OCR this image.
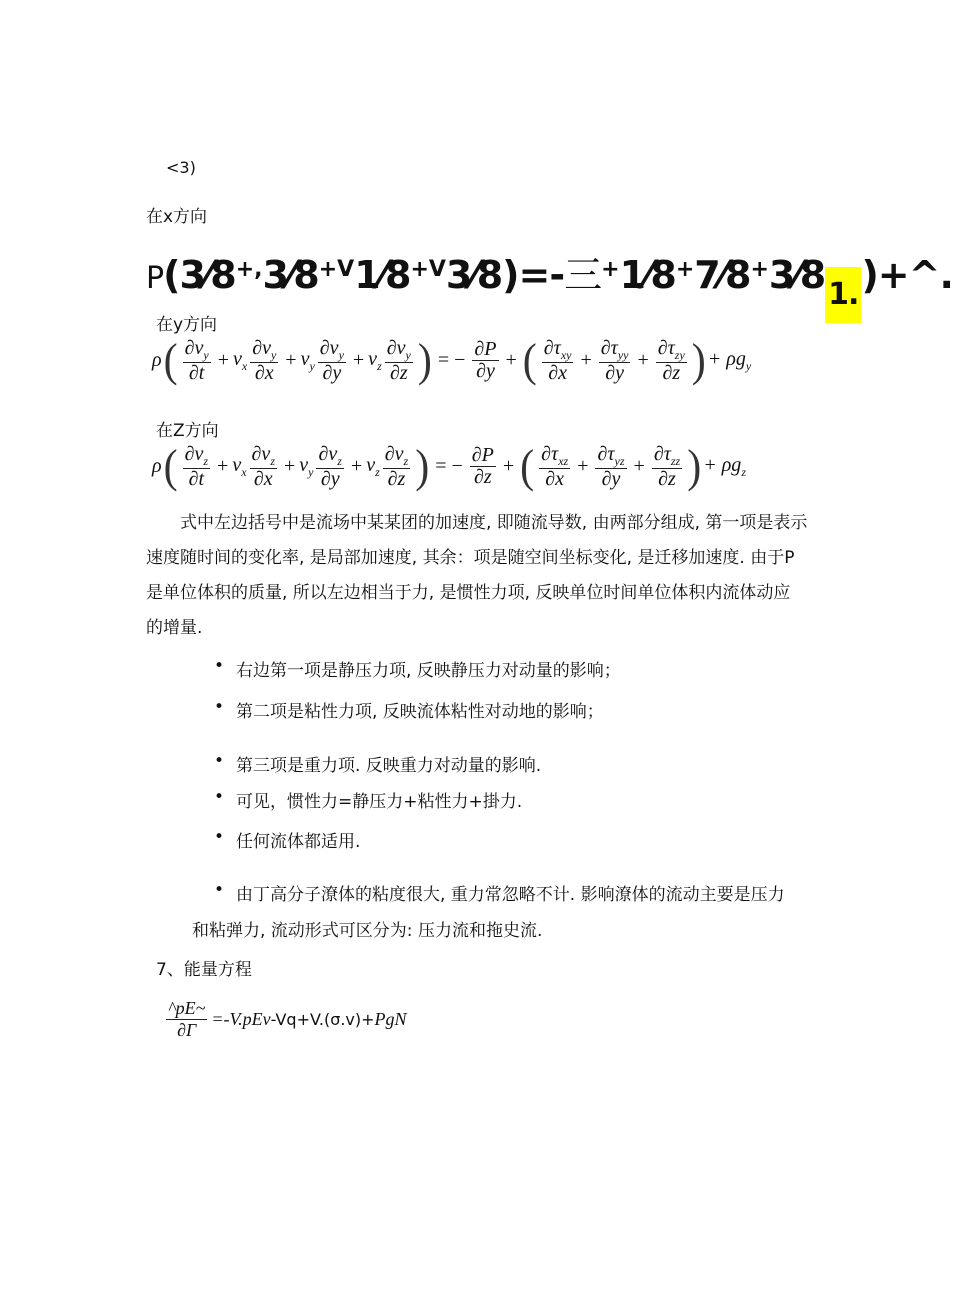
<3)
在x方向
$P(3⁄8^{+,}3⁄8^{+V}1⁄8^{+V}3⁄8)=-$三+1⁄8+7⁄8+3⁄8 1.)+^.
在y方向
ρ ( $\frac{\partial v_y}{\partial t} + v_x \frac{\partial v_y}{\partial x} + v_y \frac{\partial v_y}{\partial y} + v_z \frac{\partial v_y}{\partial z}$ ) = − $\frac{\partial P}{\partial y}$ + ( $\frac{\partial\tau_{xy}}{\partial x} + \frac{\partial\tau_{yy}}{\partial y} + \frac{\partial\tau_{zy}}{\partial z}$ ) + $\rho g_y$
在Z方向
ρ ( $\frac{\partial v_z}{\partial t} + v_x \frac{\partial v_z}{\partial x} + v_y \frac{\partial v_z}{\partial y} + v_z \frac{\partial v_z}{\partial z}$ ) = − $\frac{\partial P}{\partial z}$ + ( $\frac{\partial\tau_{xz}}{\partial x} + \frac{\partial\tau_{yz}}{\partial y} + \frac{\partial\tau_{zz}}{\partial z}$ ) + $\rho g_z$
式中左边括号中是流场中某某团的加速度, 即随流导数, 由两部分组成, 第一项是表示
速度随时间的变化率, 是局部加速度, 其余：项是随空间坐标变化, 是迁移加速度. 由于P
是单位体积的质量, 所以左边相当于力, 是惯性力项, 反映单位时间单位体积内流体动应
的增量.
• 右边第一项是静压力项, 反映静压力对动量的影响；
• 第二项是粘性力项, 反映流体粘性对动地的影响；
• 第三项是重力项. 反映重力对动量的影响.
• 可见，惯性力=静压力+粘性力+掛力.
• 任何流体都适用.
• 由丁高分子潦体的粘度很大, 重力常忽略不计. 影响潦体的流动主要是压力
和粘弹力, 流动形式可区分为: 压力流和拖史流.
7、能量方程
$\frac{\^{}pE\sim}{\partial\Gamma} =-V.pEv$ -Vq+V.(σ.v)+ PgN
